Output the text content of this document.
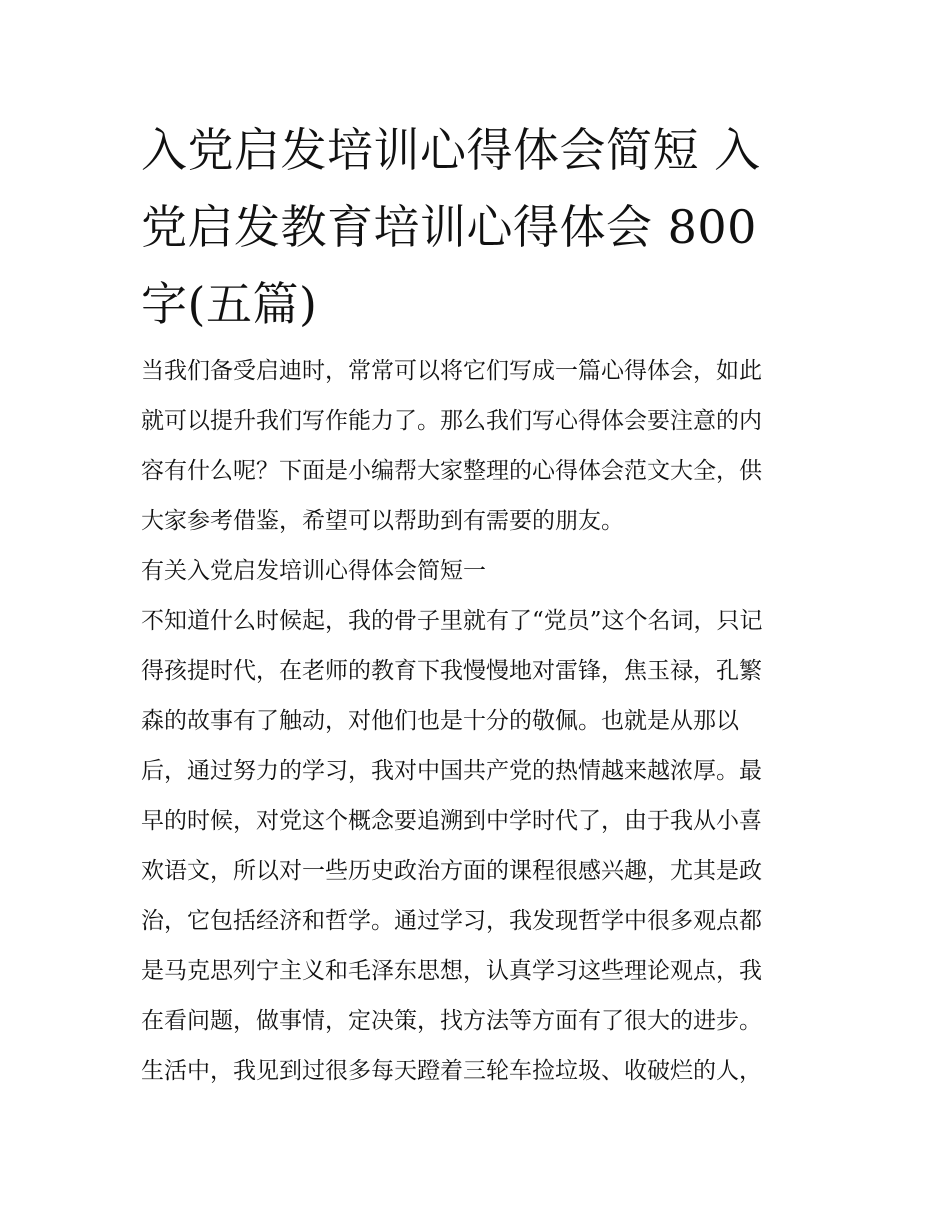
入党启发培训心得体会简短 入
党启发教育培训心得体会 800
字(五篇)

当我们备受启迪时，常常可以将它们写成一篇心得体会，如此

就可以提升我们写作能力了。那么我们写心得体会要注意的内

容有什么呢？下面是小编帮大家整理的心得体会范文大全，供

大家参考借鉴，希望可以帮助到有需要的朋友。

有关入党启发培训心得体会简短一

不知道什么时候起，我的骨子里就有了“党员”这个名词，只记

得孩提时代，在老师的教育下我慢慢地对雷锋，焦玉禄，孔繁

森的故事有了触动，对他们也是十分的敬佩。也就是从那以

后，通过努力的学习，我对中国共产党的热情越来越浓厚。最

早的时候，对党这个概念要追溯到中学时代了，由于我从小喜

欢语文，所以对一些历史政治方面的课程很感兴趣，尤其是政

治，它包括经济和哲学。通过学习，我发现哲学中很多观点都

是马克思列宁主义和毛泽东思想，认真学习这些理论观点，我

在看问题，做事情，定决策，找方法等方面有了很大的进步。

生活中，我见到过很多每天蹬着三轮车捡垃圾、收破烂的人，
